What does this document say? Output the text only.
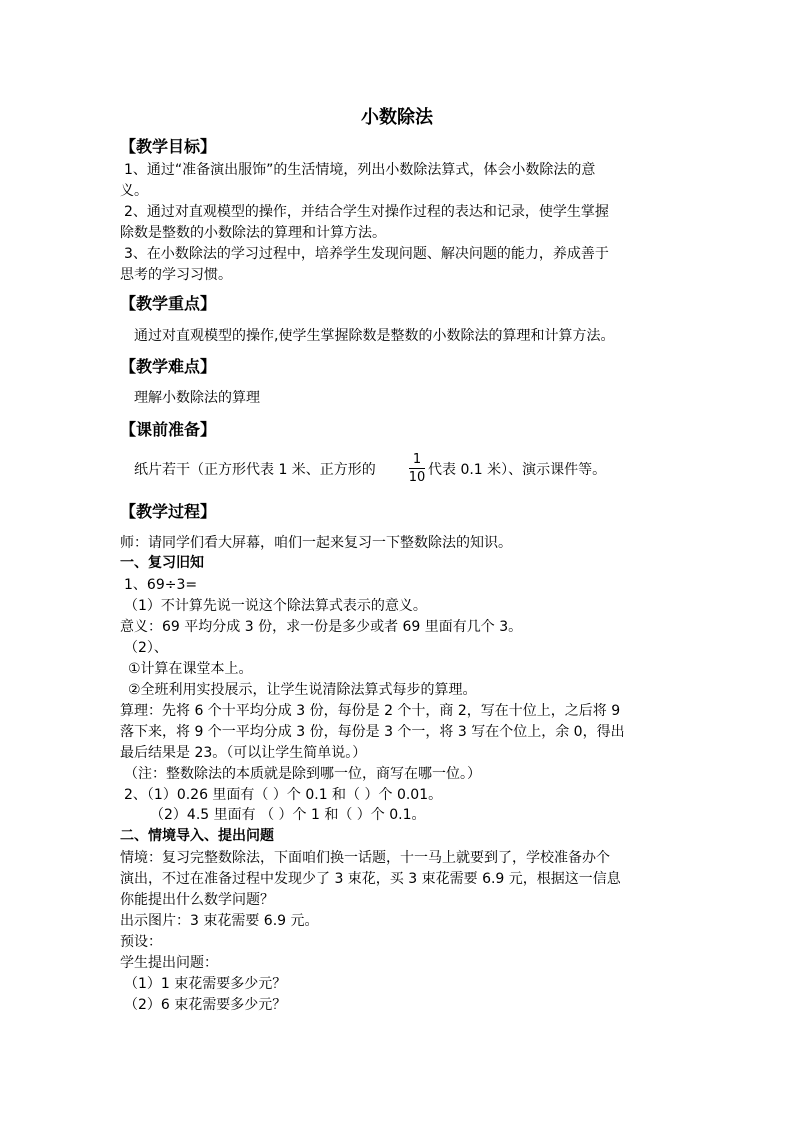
小数除法
【教学目标】
1、通过“准备演出服饰”的生活情境，列出小数除法算式，体会小数除法的意
义。
2、通过对直观模型的操作，并结合学生对操作过程的表达和记录，使学生掌握
除数是整数的小数除法的算理和计算方法。
3、在小数除法的学习过程中，培养学生发现问题、解决问题的能力，养成善于
思考的学习习惯。
【教学重点】
通过对直观模型的操作,使学生掌握除数是整数的小数除法的算理和计算方法。
【教学难点】
理解小数除法的算理
【课前准备】
纸片若干（正方形代表 1 米、正方形的
1
10 代表 0.1 米）、演示课件等。
【教学过程】
师：请同学们看大屏幕，咱们一起来复习一下整数除法的知识。
一、复习旧知
1、69÷3=
（1）不计算先说一说这个除法算式表示的意义。
意义：69 平均分成 3 份，求一份是多少或者 69 里面有几个 3。
（2）、
①计算在课堂本上。
②全班利用实投展示，让学生说清除法算式每步的算理。
算理：先将 6 个十平均分成 3 份，每份是 2 个十，商 2，写在十位上，之后将 9
落下来，将 9 个一平均分成 3 份，每份是 3 个一，将 3 写在个位上，余 0，得出
最后结果是 23。（可以让学生简单说。）
（注：整数除法的本质就是除到哪一位，商写在哪一位。）
2、（1）0.26 里面有（ ）个 0.1 和（ ）个 0.01。
（2）4.5 里面有 （ ）个 1 和（ ）个 0.1。
二、情境导入、提出问题
情境：复习完整数除法，下面咱们换一话题，十一马上就要到了，学校准备办个
演出，不过在准备过程中发现少了 3 束花，买 3 束花需要 6.9 元，根据这一信息
你能提出什么数学问题？
出示图片：3 束花需要 6.9 元。
预设：
学生提出问题：
（1）1 束花需要多少元？
（2）6 束花需要多少元？
